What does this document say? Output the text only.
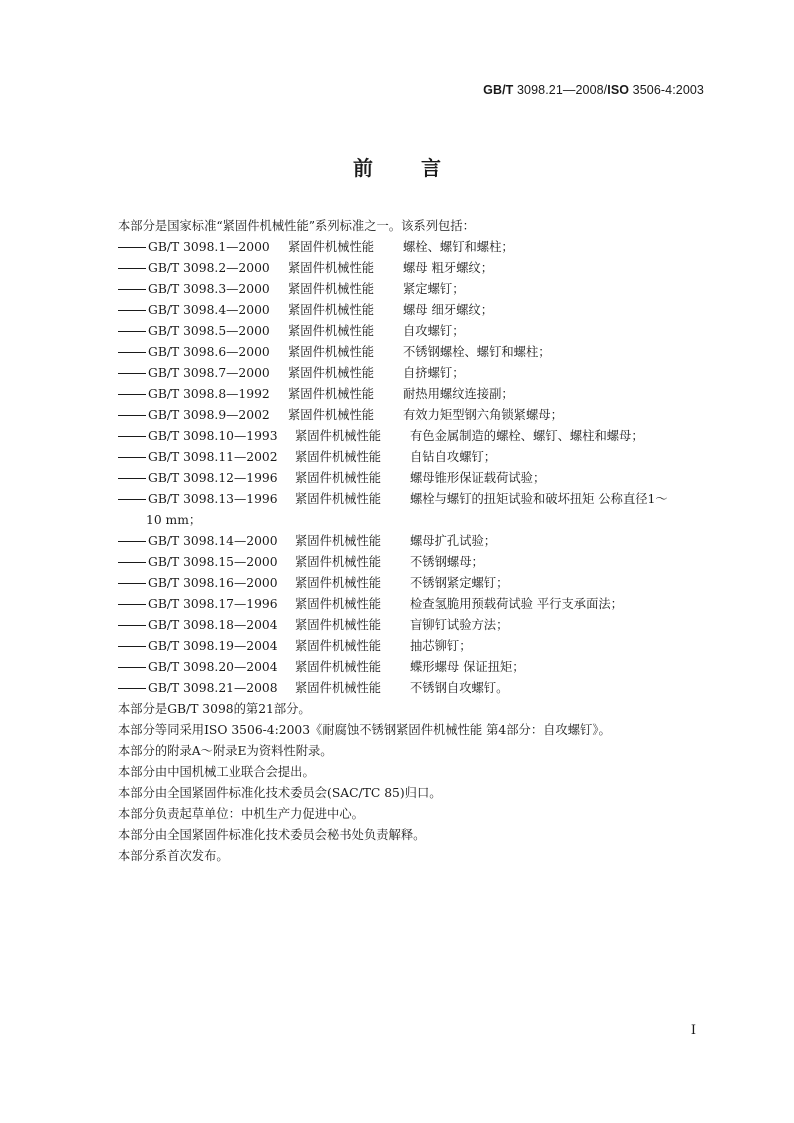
GB/T 3098.21—2008/ISO 3506-4:2003
前言
本部分是国家标准“紧固件机械性能”系列标准之一。该系列包括：
GB/T 3098.1—2000 紧固件机械性能 螺栓、螺钉和螺柱；
GB/T 3098.2—2000 紧固件机械性能 螺母 粗牙螺纹；
GB/T 3098.3—2000 紧固件机械性能 紧定螺钉；
GB/T 3098.4—2000 紧固件机械性能 螺母 细牙螺纹；
GB/T 3098.5—2000 紧固件机械性能 自攻螺钉；
GB/T 3098.6—2000 紧固件机械性能 不锈钢螺栓、螺钉和螺柱；
GB/T 3098.7—2000 紧固件机械性能 自挤螺钉；
GB/T 3098.8—1992 紧固件机械性能 耐热用螺纹连接副；
GB/T 3098.9—2002 紧固件机械性能 有效力矩型钢六角锁紧螺母；
GB/T 3098.10—1993 紧固件机械性能 有色金属制造的螺栓、螺钉、螺柱和螺母；
GB/T 3098.11—2002 紧固件机械性能 自钻自攻螺钉；
GB/T 3098.12—1996 紧固件机械性能 螺母锥形保证载荷试验；
GB/T 3098.13—1996 紧固件机械性能 螺栓与螺钉的扭矩试验和破坏扭矩 公称直径1～
10 mm；
GB/T 3098.14—2000 紧固件机械性能 螺母扩孔试验；
GB/T 3098.15—2000 紧固件机械性能 不锈钢螺母；
GB/T 3098.16—2000 紧固件机械性能 不锈钢紧定螺钉；
GB/T 3098.17—1996 紧固件机械性能 检查氢脆用预载荷试验 平行支承面法；
GB/T 3098.18—2004 紧固件机械性能 盲铆钉试验方法；
GB/T 3098.19—2004 紧固件机械性能 抽芯铆钉；
GB/T 3098.20—2004 紧固件机械性能 蝶形螺母 保证扭矩；
GB/T 3098.21—2008 紧固件机械性能 不锈钢自攻螺钉。
本部分是GB/T 3098的第21部分。
本部分等同采用ISO 3506-4:2003《耐腐蚀不锈钢紧固件机械性能 第4部分：自攻螺钉》。
本部分的附录A～附录E为资料性附录。
本部分由中国机械工业联合会提出。
本部分由全国紧固件标准化技术委员会(SAC/TC 85)归口。
本部分负责起草单位：中机生产力促进中心。
本部分由全国紧固件标准化技术委员会秘书处负责解释。
本部分系首次发布。
I
